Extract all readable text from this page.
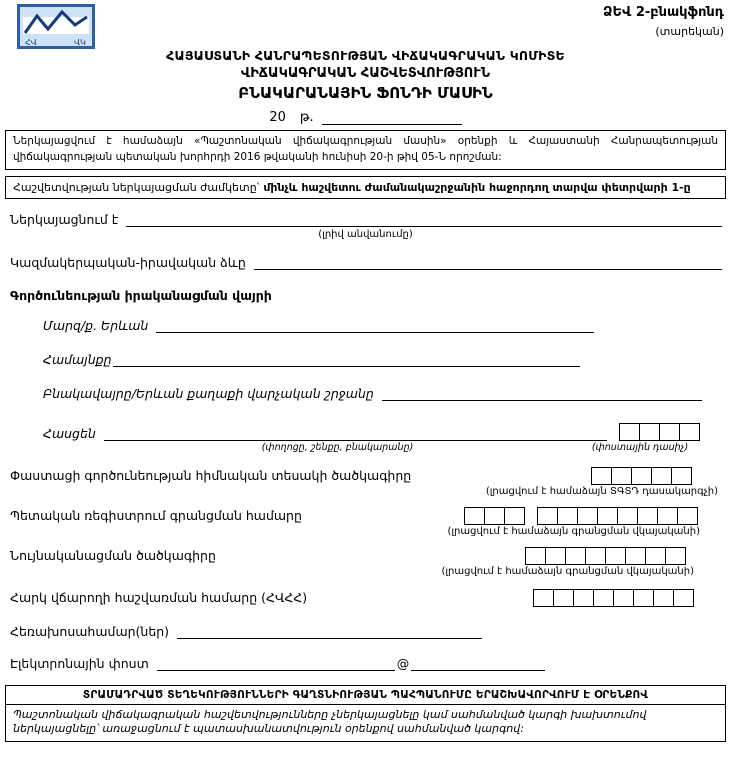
ՀՎ	ՎԿ
ՁԵՎ 2-բնակֆոնդ
(տարեկան)
ՀԱՅԱՍՏԱՆԻ ՀԱՆՐԱՊԵՏՈՒԹՅԱՆ ՎԻՃԱԿԱԳՐԱԿԱՆ ԿՈՄԻՏԵ
ՎԻՃԱԿԱԳՐԱԿԱՆ ՀԱՇՎԵՏՎՈՒԹՅՈՒՆ
ԲՆԱԿԱՐԱՆԱՅԻՆ ՖՈՆԴԻ ՄԱՍԻՆ
20 թ.
Ներկայացվում է համաձայն «Պաշտոնական վիճակագրության մասին» օրենքի և Հայաստանի Հանրապետության վիճակագրության պետական խորհրդի 2016 թվականի հունիսի 20-ի թիվ 05-Ն որոշման:
Հաշվետվության ներկայացման ժամկետը՝ մինչև հաշվետու ժամանակաշրջանին հաջորդող տարվա փետրվարի 1-ը
Ներկայացնում է
(լրիվ անվանումը)
Կազմակերպական-իրավական ձևը
Գործունեության իրականացման վայրի
Մարզ/ք. Երևան
Համայնքը
Բնակավայրը/Երևան քաղաքի վարչական շրջանը
Հասցեն
(փողոցը, շենքը, բնակարանը)	(փոստային դասիչ)
Փաստացի գործունեության հիմնական տեսակի ծածկագիրը
(լրացվում է համաձայն ՏԳՏԴ դասակարգչի)
Պետական ռեգիստրում գրանցման համարը
(լրացվում է համաձայն գրանցման վկայականի)
Նույնականացման ծածկագիրը
(լրացվում է համաձայն գրանցման վկայականի)
Հարկ վճարողի հաշվառման համարը (ՀՎՀՀ)
Հեռախոսահամար(ներ)
Էլեկտրոնային փոստ	@
ՏՐԱՄԱԴՐՎԱԾ ՏԵՂԵԿՈՒԹՅՈՒՆՆԵՐԻ ԳԱՂՏՆԻՈՒԹՅԱՆ ՊԱՀՊԱՆՈՒՄԸ ԵՐԱՇԽԱՎՈՐՎՈՒՄ Է ՕՐԵՆՔՈՎ
Պաշտոնական վիճակագրական հաշվետվությունները չներկայացնելը կամ սահմանված կարգի խախտումով ներկայացնելը՝ առաջացնում է պատասխանատվություն օրենքով սահմանված կարգով:
